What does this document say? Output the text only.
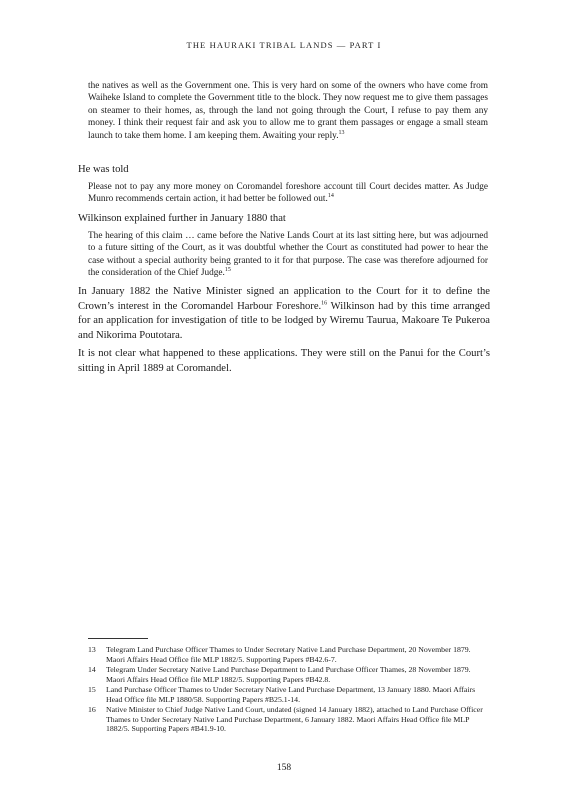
THE HAURAKI TRIBAL LANDS — PART I

the natives as well as the Government one. This is very hard on some of the owners who have come from Waiheke Island to complete the Government title to the block. They now request me to give them passages on steamer to their homes, as, through the land not going through the Court, I refuse to pay them any money. I think their request fair and ask you to allow me to grant them passages or engage a small steam launch to take them home. I am keeping them. Awaiting your reply.$^{13}$

He was told

Please not to pay any more money on Coromandel foreshore account till Court decides matter. As Judge Munro recommends certain action, it had better be followed out.$^{14}$

Wilkinson explained further in January 1880 that

The hearing of this claim … came before the Native Lands Court at its last sitting here, but was adjourned to a future sitting of the Court, as it was doubtful whether the Court as constituted had power to hear the case without a special authority being granted to it for that purpose. The case was therefore adjourned for the consideration of the Chief Judge.$^{15}$

In January 1882 the Native Minister signed an application to the Court for it to define the Crown’s interest in the Coromandel Harbour Foreshore.$^{16}$ Wilkinson had by this time arranged for an application for investigation of title to be lodged by Wiremu Taurua, Makoare Te Pukeroa and Nikorima Poutotara.

It is not clear what happened to these applications. They were still on the Panui for the Court’s sitting in April 1889 at Coromandel.

13	Telegram Land Purchase Officer Thames to Under Secretary Native Land Purchase Department, 20 November 1879. Maori Affairs Head Office file MLP 1882/5. Supporting Papers #B42.6-7.
14	Telegram Under Secretary Native Land Purchase Department to Land Purchase Officer Thames, 28 November 1879. Maori Affairs Head Office file MLP 1882/5. Supporting Papers #B42.8.
15	Land Purchase Officer Thames to Under Secretary Native Land Purchase Department, 13 January 1880. Maori Affairs Head Office file MLP 1880/58. Supporting Papers #B25.1-14.
16	Native Minister to Chief Judge Native Land Court, undated (signed 14 January 1882), attached to Land Purchase Officer Thames to Under Secretary Native Land Purchase Department, 6 January 1882. Maori Affairs Head Office file MLP 1882/5. Supporting Papers #B41.9-10.
158
